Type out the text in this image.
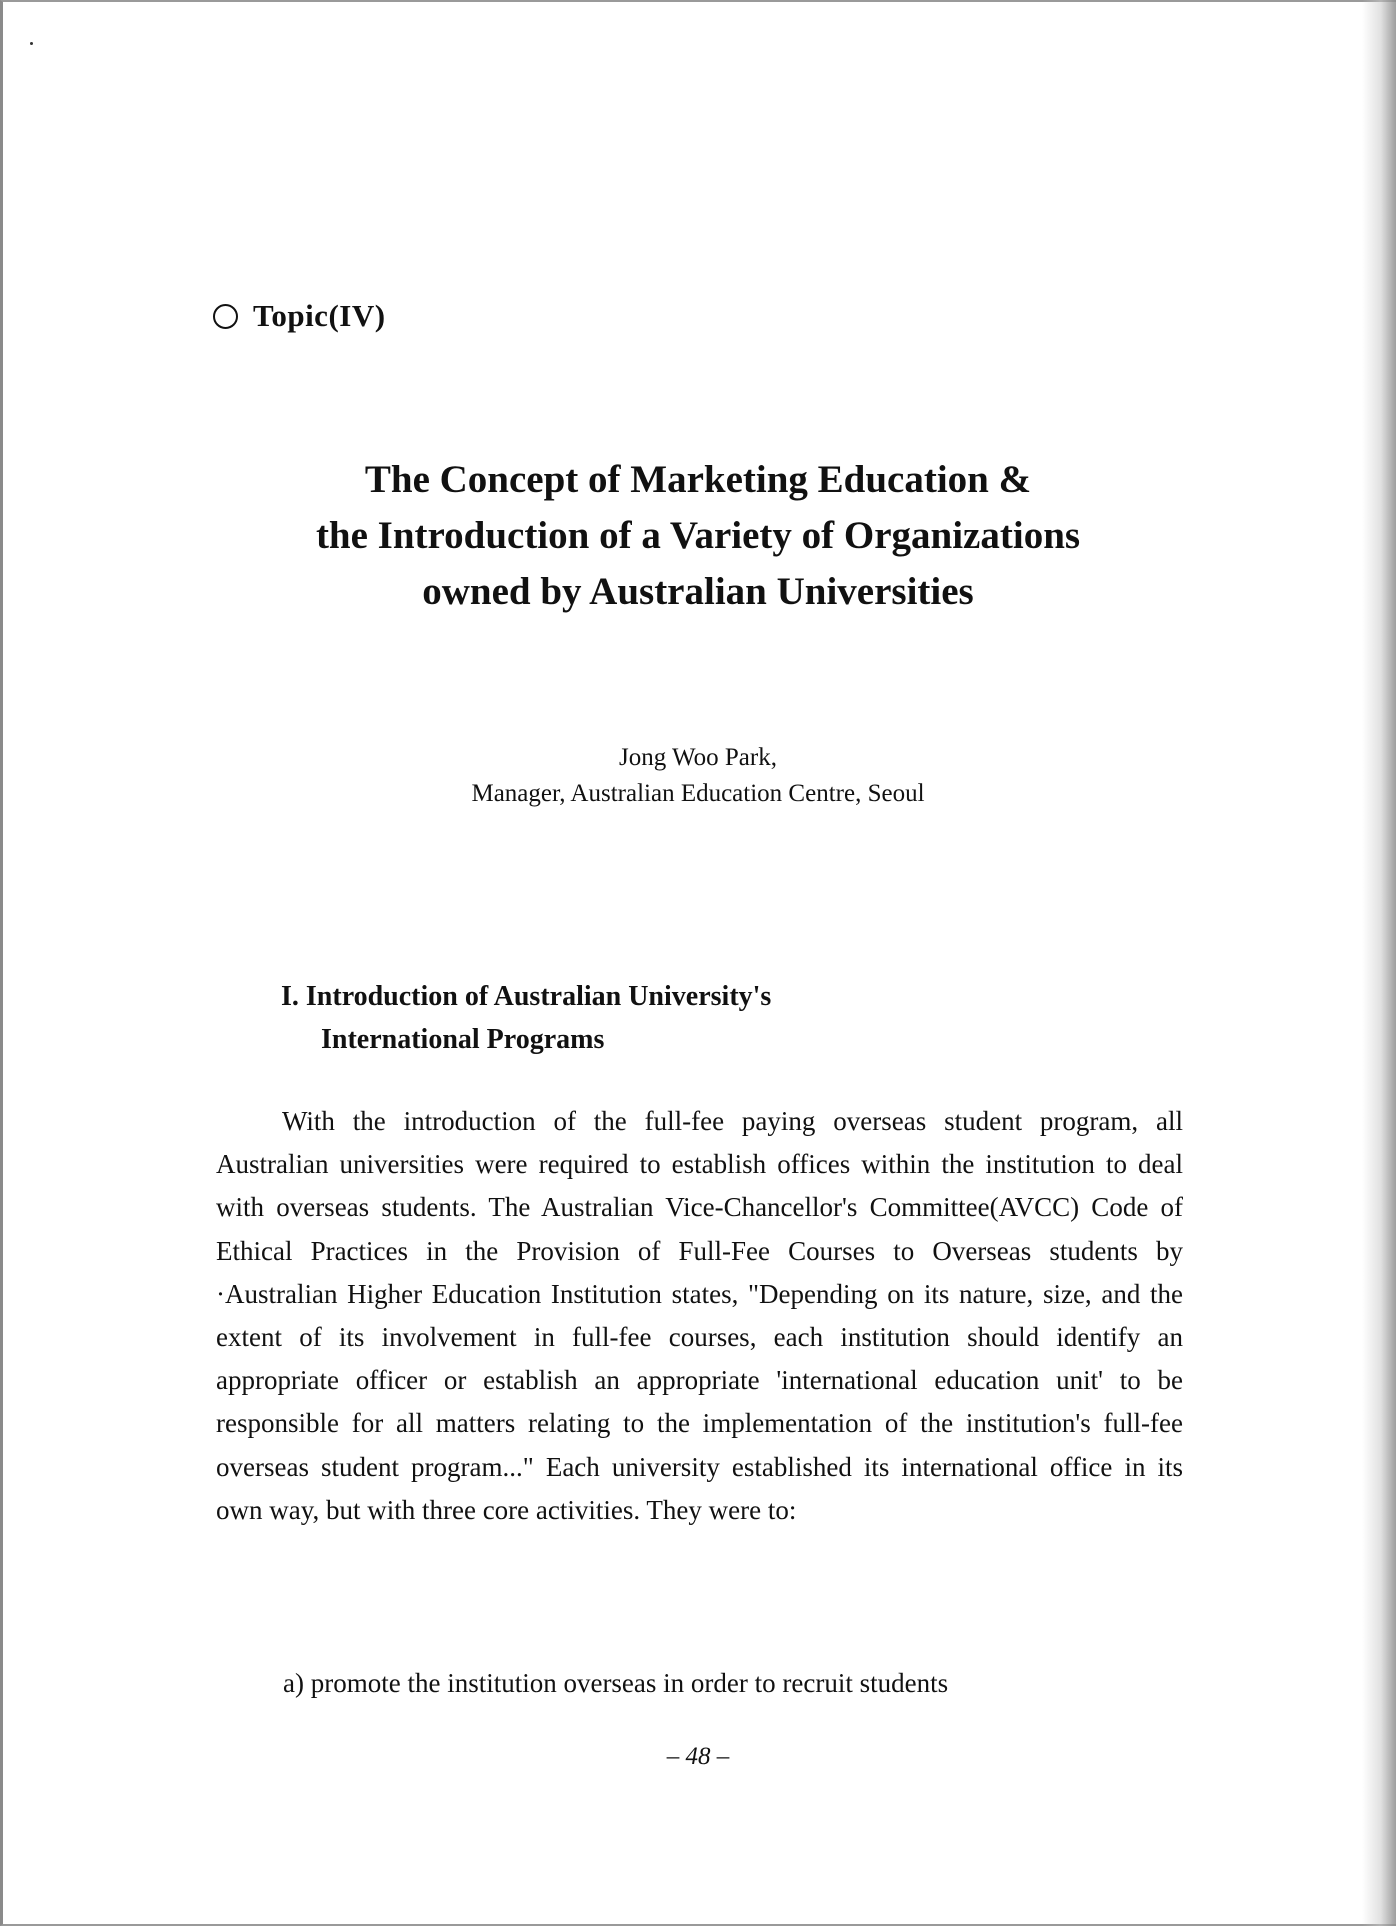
Topic(IV)
The Concept of Marketing Education &
the Introduction of a Variety of Organizations
owned by Australian Universities
Jong Woo Park,
Manager, Australian Education Centre, Seoul
I. Introduction of Australian University's
International Programs

With the introduction of the full-fee paying overseas student program, all Australian universities were required to establish offices within the institution to deal with overseas students. The Australian Vice-Chancellor's Committee(AVCC) Code of Ethical Practices in the Provision of Full-Fee Courses to Overseas students by ·Australian Higher Education Institution states, "Depending on its nature, size, and the extent of its involvement in full-fee courses, each institution should identify an appropriate officer or establish an appropriate 'international education unit' to be responsible for all matters relating to the implementation of the institution's full-fee overseas student program..." Each university established its international office in its own way, but with three core activities. They were to:

a) promote the institution overseas in order to recruit students
– 48 –
